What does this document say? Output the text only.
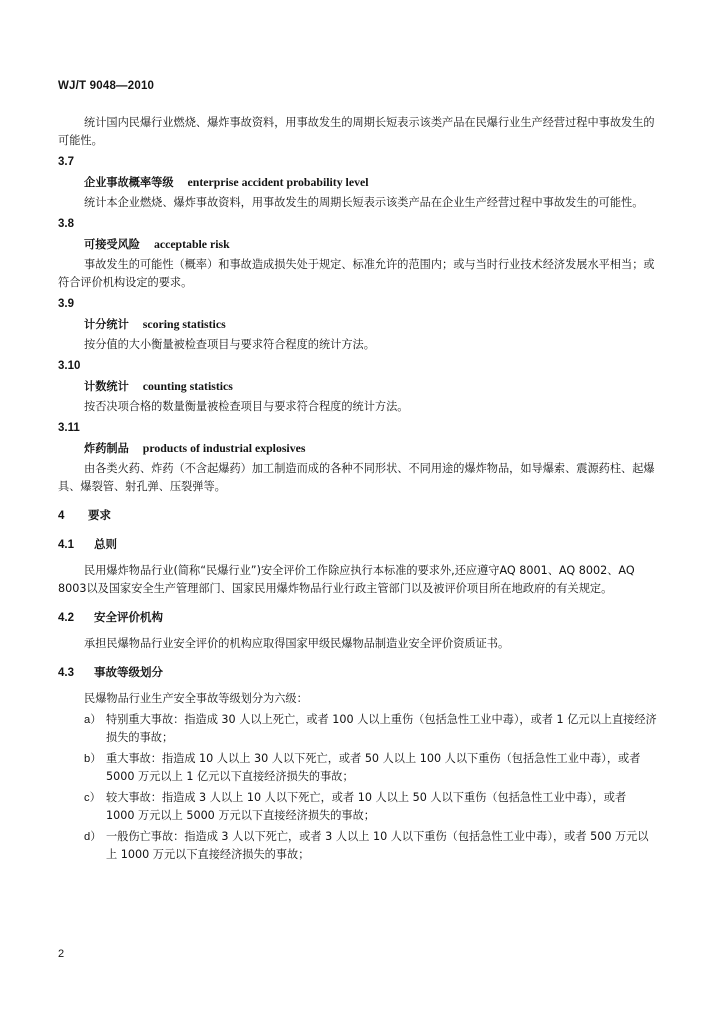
WJ/T 9048—2010

统计国内民爆行业燃烧、爆炸事故资料，用事故发生的周期长短表示该类产品在民爆行业生产经营过程中事故发生的可能性。

3.7
企业事故概率等级 enterprise accident probability level

统计本企业燃烧、爆炸事故资料，用事故发生的周期长短表示该类产品在企业生产经营过程中事故发生的可能性。

3.8
可接受风险 acceptable risk

事故发生的可能性（概率）和事故造成损失处于规定、标准允许的范围内；或与当时行业技术经济发展水平相当；或符合评价机构设定的要求。

3.9
计分统计 scoring statistics

按分值的大小衡量被检查项目与要求符合程度的统计方法。

3.10
计数统计 counting statistics

按否决项合格的数量衡量被检查项目与要求符合程度的统计方法。

3.11
炸药制品 products of industrial explosives

由各类火药、炸药（不含起爆药）加工制造而成的各种不同形状、不同用途的爆炸物品，如导爆索、震源药柱、起爆具、爆裂管、射孔弹、压裂弹等。

4 要求
4.1 总则

民用爆炸物品行业(简称“民爆行业”)安全评价工作除应执行本标准的要求外,还应遵守AQ 8001、AQ 8002、AQ 8003以及国家安全生产管理部门、国家民用爆炸物品行业行政主管部门以及被评价项目所在地政府的有关规定。

4.2 安全评价机构

承担民爆物品行业安全评价的机构应取得国家甲级民爆物品制造业安全评价资质证书。

4.3 事故等级划分

民爆物品行业生产安全事故等级划分为六级：

a） 特别重大事故：指造成 30 人以上死亡，或者 100 人以上重伤（包括急性工业中毒），或者 1 亿元以上直接经济损失的事故；
b） 重大事故：指造成 10 人以上 30 人以下死亡，或者 50 人以上 100 人以下重伤（包括急性工业中毒），或者 5000 万元以上 1 亿元以下直接经济损失的事故；
c） 较大事故：指造成 3 人以上 10 人以下死亡，或者 10 人以上 50 人以下重伤（包括急性工业中毒），或者 1000 万元以上 5000 万元以下直接经济损失的事故；
d） 一般伤亡事故：指造成 3 人以下死亡，或者 3 人以上 10 人以下重伤（包括急性工业中毒），或者 500 万元以上 1000 万元以下直接经济损失的事故；
2
